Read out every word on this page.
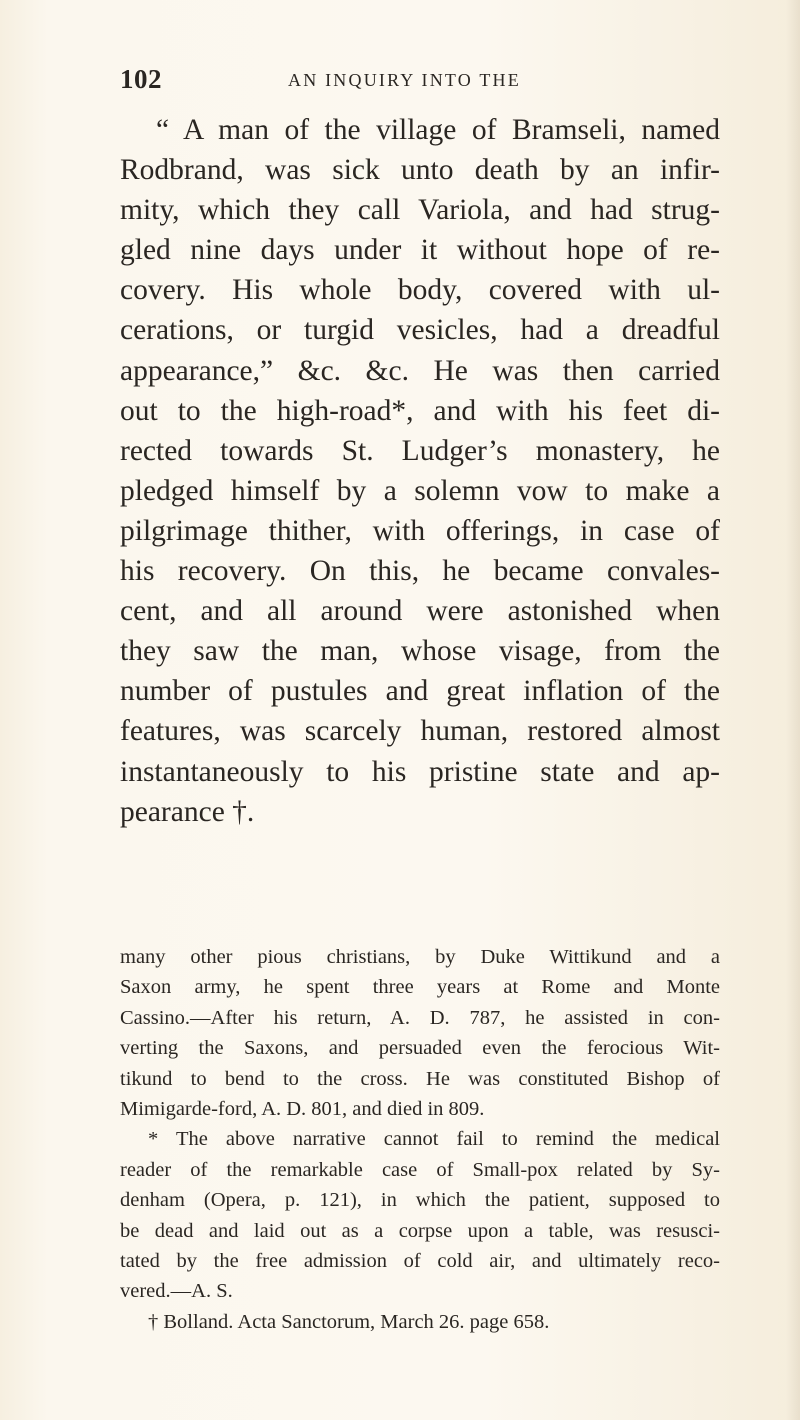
102	AN INQUIRY INTO THE
“ A man of the village of Bramseli, named
Rodbrand, was sick unto death by an infir-
mity, which they call Variola, and had strug-
gled nine days under it without hope of re-
covery. His whole body, covered with ul-
cerations, or turgid vesicles, had a dreadful
appearance,” &c. &c. He was then carried
out to the high-road*, and with his feet di-
rected towards St. Ludger’s monastery, he
pledged himself by a solemn vow to make a
pilgrimage thither, with offerings, in case of
his recovery. On this, he became convales-
cent, and all around were astonished when
they saw the man, whose visage, from the
number of pustules and great inflation of the
features, was scarcely human, restored almost
instantaneously to his pristine state and ap-
pearance †.
many other pious christians, by Duke Wittikund and a
Saxon army, he spent three years at Rome and Monte
Cassino.—After his return, A. D. 787, he assisted in con-
verting the Saxons, and persuaded even the ferocious Wit-
tikund to bend to the cross. He was constituted Bishop of
Mimigarde-ford, A. D. 801, and died in 809.
* The above narrative cannot fail to remind the medical
reader of the remarkable case of Small-pox related by Sy-
denham (Opera, p. 121), in which the patient, supposed to
be dead and laid out as a corpse upon a table, was resusci-
tated by the free admission of cold air, and ultimately reco-
vered.—A. S.
† Bolland. Acta Sanctorum, March 26. page 658.
